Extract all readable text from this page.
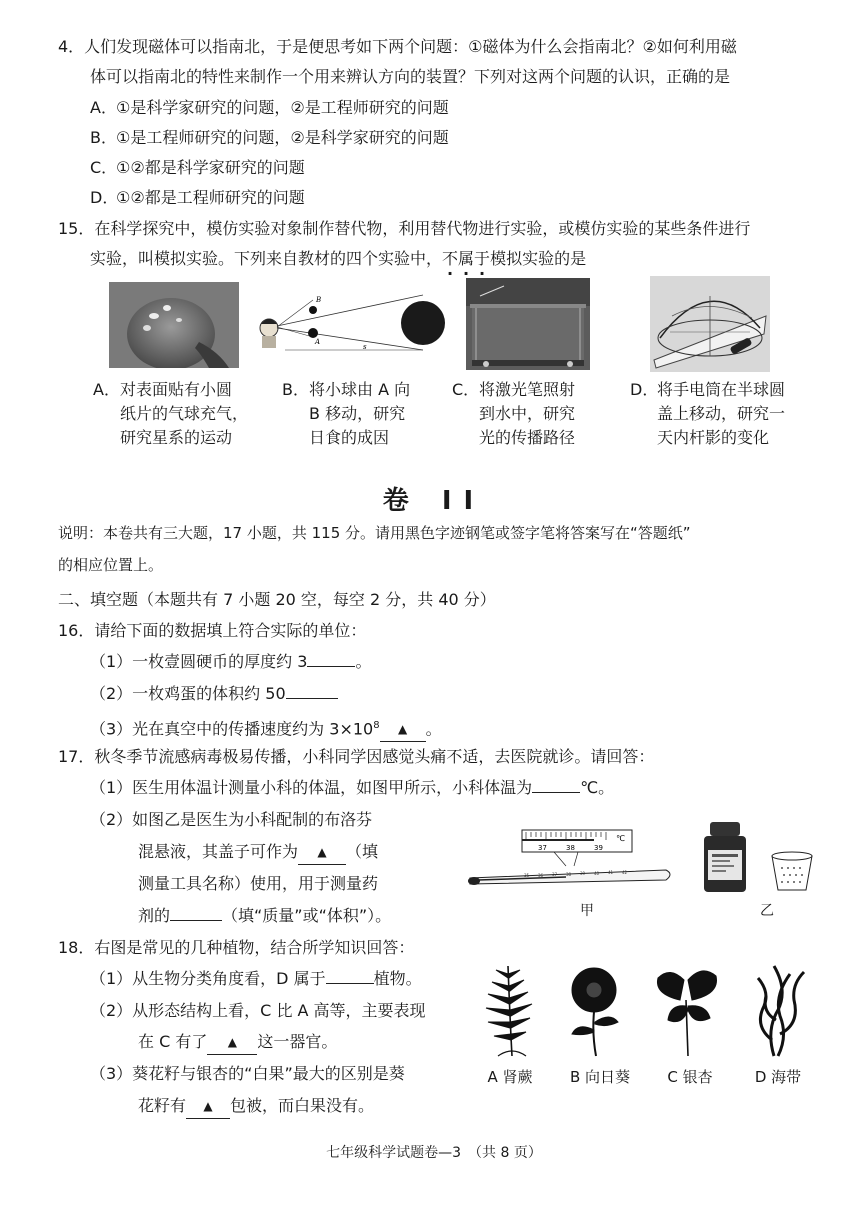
4．人们发现磁体可以指南北，于是便思考如下两个问题：①磁体为什么会指南北？②如何利用磁
体可以指南北的特性来制作一个用来辨认方向的装置？下列对这两个问题的认识，正确的是
A．①是科学家研究的问题，②是工程师研究的问题
B．①是工程师研究的问题，②是科学家研究的问题
C．①②都是科学家研究的问题
D．①②都是工程师研究的问题
15．在科学探究中，模仿实验对象制作替代物，利用替代物进行实验，或模仿实验的某些条件进行
实验，叫模拟实验。下列来自教材的四个实验中，不属于模拟实验的是
B
A
s
A． 对表面贴有小圆
纸片的气球充气，
研究星系的运动
B． 将小球由 A 向
B 移动，研究
日食的成因
C． 将激光笔照射
到水中，研究
光的传播路径
D．
将手电筒在半球圆
盖上移动，研究一
天内杆影的变化
卷 II
说明：本卷共有三大题，17 小题，共 115 分。请用黑色字迹钢笔或签字笔将答案写在“答题纸”
的相应位置上。
二、填空题（本题共有 7 小题 20 空，每空 2 分，共 40 分）
16．请给下面的数据填上符合实际的单位：
（1）一枚壹圆硬币的厚度约 3	。
（2）一枚鸡蛋的体积约 50
（3）光在真空中的传播速度约为 $3\times 10^8$ ▲ 。
17．秋冬季节流感病毒极易传播，小科同学因感觉头痛不适，去医院就诊。请回答：
（1）医生用体温计测量小科的体温，如图甲所示，小科体温为	℃。
（2）如图乙是医生为小科配制的布洛芬
混悬液，其盖子可作为 ▲ （填
测量工具名称）使用，用于测量药
剂的	（填“质量”或“体积”）。
37	38	39
℃
35 36 37 38 39 40 41 42
甲	乙
18．右图是常见的几种植物，结合所学知识回答：
（1）从生物分类角度看，D 属于	植物。
（2）从形态结构上看，C 比 A 高等，主要表现
在 C 有了 ▲ 这一器官。
（3）葵花籽与银杏的“白果”最大的区别是葵
花籽有 ▲ 包被，而白果没有。
A 肾蕨	B 向日葵	C 银杏	D 海带
七年级科学试题卷—3　（共 8 页）
